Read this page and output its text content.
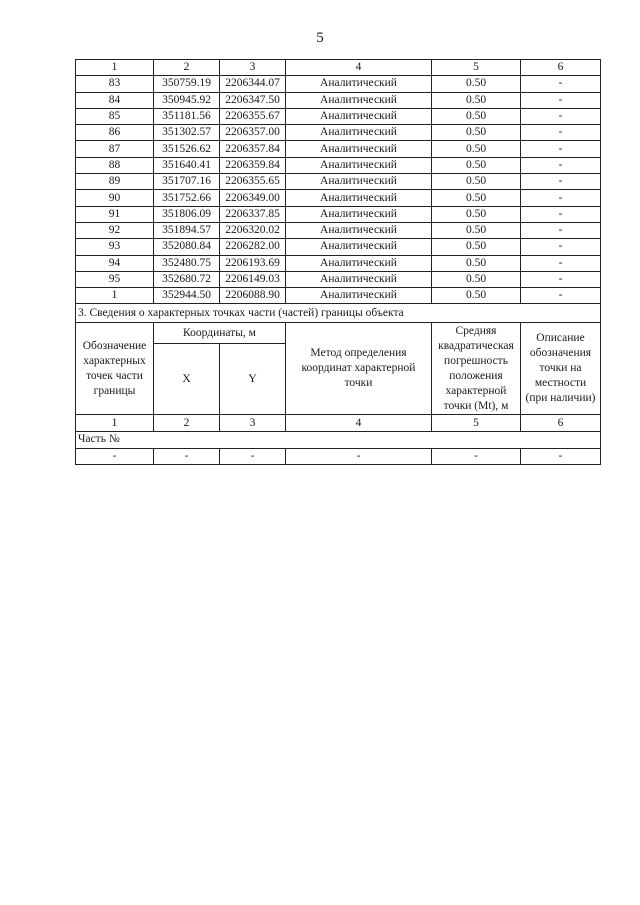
5
1	2	3	4	5	6
83	350759.19	2206344.07	Аналитический	0.50	-
84	350945.92	2206347.50	Аналитический	0.50	-
85	351181.56	2206355.67	Аналитический	0.50	-
86	351302.57	2206357.00	Аналитический	0.50	-
87	351526.62	2206357.84	Аналитический	0.50	-
88	351640.41	2206359.84	Аналитический	0.50	-
89	351707.16	2206355.65	Аналитический	0.50	-
90	351752.66	2206349.00	Аналитический	0.50	-
91	351806.09	2206337.85	Аналитический	0.50	-
92	351894.57	2206320.02	Аналитический	0.50	-
93	352080.84	2206282.00	Аналитический	0.50	-
94	352480.75	2206193.69	Аналитический	0.50	-
95	352680.72	2206149.03	Аналитический	0.50	-
1	352944.50	2206088.90	Аналитический	0.50	-
3. Сведения о характерных точках части (частей) границы объекта					
Обозначение характерных точек части границы	Координаты, м		Метод определения координат характерной точки	Средняя квадратическая погрешность положения характерной точки (Mt), м	Описание обозначения точки на местности (при наличии)
	X	Y			
1	2	3	4	5	6
Часть №					
-	-	-	-	-	-
